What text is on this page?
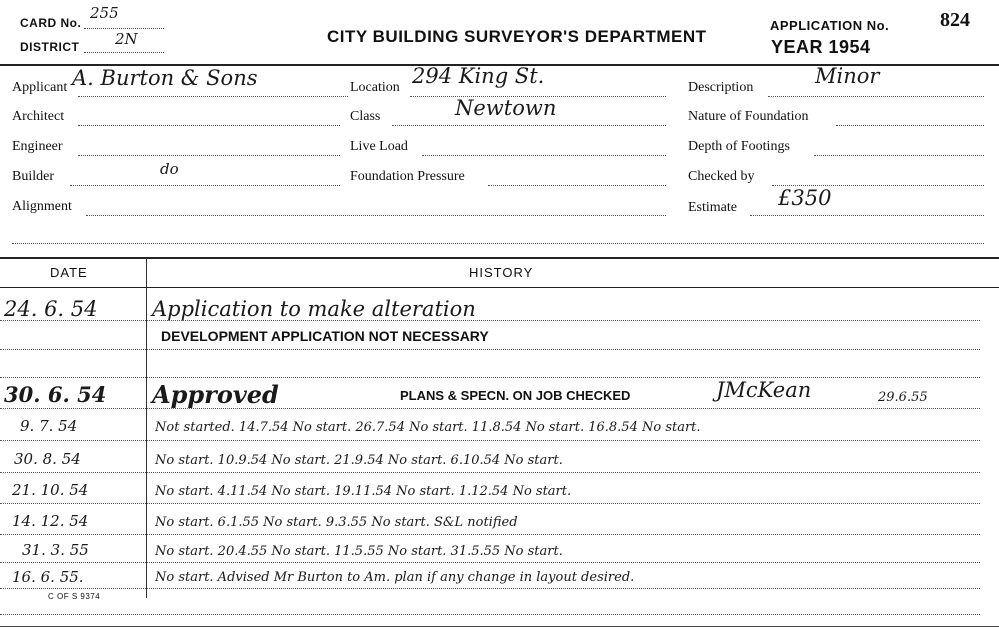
CARD No.
255
DISTRICT 2N	CITY BUILDING SURVEYOR'S DEPARTMENT
APPLICATION No.	824
YEAR 1954
Applicant A. Burton & Sons
Architect
Engineer
Builder	do
Alignment
Location 294 King St.
Class	Newtown
Live Load
Foundation Pressure
Description	Minor
Nature of Foundation
Depth of Footings
Checked by
Estimate £350
DATE	HISTORY
24. 6. 54	Application to make alteration
DEVELOPMENT APPLICATION NOT NECESSARY
30. 6. 54 Approved	PLANS & SPECN. ON JOB CHECKED	JMcKean	29.6.55
9. 7. 54	Not started. 14.7.54 No start. 26.7.54 No start. 11.8.54 No start. 16.8.54 No start.
30. 8. 54	No start. 10.9.54 No start. 21.9.54 No start. 6.10.54 No start.
21. 10. 54	No start. 4.11.54 No start. 19.11.54 No start. 1.12.54 No start.
14. 12. 54	No start. 6.1.55 No start. 9.3.55 No start. S&L notified
31. 3. 55	No start. 20.4.55 No start. 11.5.55 No start. 31.5.55 No start.
16. 6. 55.	No start. Advised Mr Burton to Am. plan if any change in layout desired.
C OF S 9374
